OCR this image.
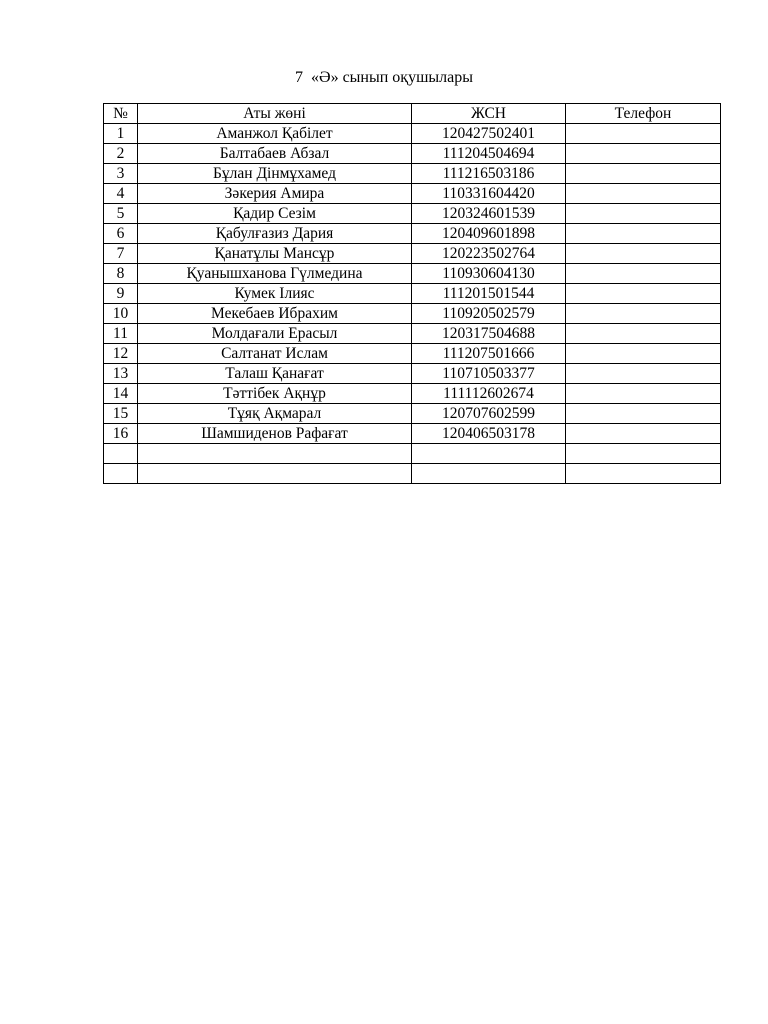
7  «Ә» сынып оқушылары
№	Аты жөні	ЖСН	Телефон
1	Аманжол Қабілет	120427502401	
2	Балтабаев Абзал	111204504694	
3	Бұлан Дінмұхамед	111216503186	
4	Зәкерия Амира	110331604420	
5	Қадир Сезім	120324601539	
6	Қабулғазиз Дария	120409601898	
7	Қанатұлы Мансұр	120223502764	
8	Қуанышханова Гүлмедина	110930604130	
9	Кумек Ілияс	111201501544	
10	Мекебаев Ибрахим	110920502579	
11	Молдағали Ерасыл	120317504688	
12	Салтанат Ислам	111207501666	
13	Талаш Қанағат	110710503377	
14	Тәттібек Ақнұр	111112602674	
15	Тұяқ Ақмарал	120707602599	
16	Шамшиденов Рафағат	120406503178	
